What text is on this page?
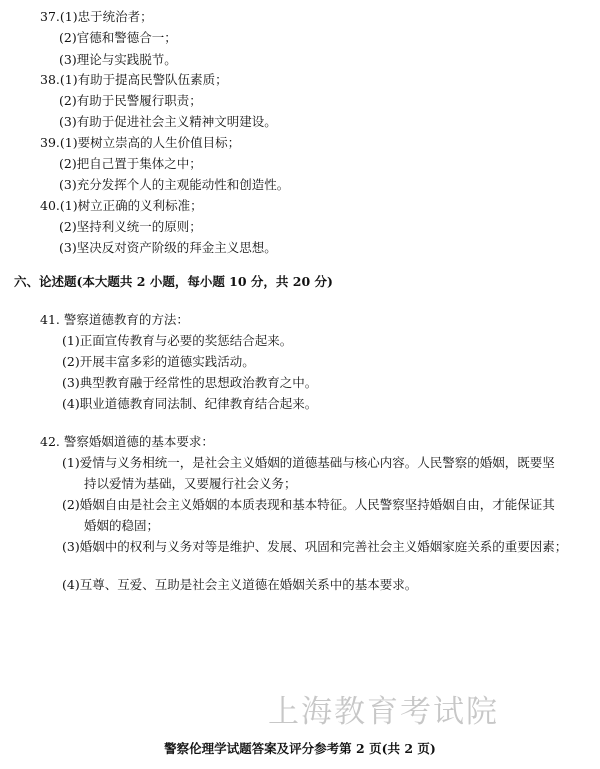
37.(1)忠于统治者；
(2)官德和警德合一；
(3)理论与实践脱节。
38.(1)有助于提高民警队伍素质；
(2)有助于民警履行职责；
(3)有助于促进社会主义精神文明建设。
39.(1)要树立崇高的人生价值目标；
(2)把自己置于集体之中；
(3)充分发挥个人的主观能动性和创造性。
40.(1)树立正确的义利标准；
(2)坚持利义统一的原则；
(3)坚决反对资产阶级的拜金主义思想。
六、论述题(本大题共 2 小题，每小题 10 分，共 20 分)
41. 警察道德教育的方法：
(1)正面宣传教育与必要的奖惩结合起来。
(2)开展丰富多彩的道德实践活动。
(3)典型教育融于经常性的思想政治教育之中。
(4)职业道德教育同法制、纪律教育结合起来。
42. 警察婚姻道德的基本要求：
(1)爱情与义务相统一，是社会主义婚姻的道德基础与核心内容。人民警察的婚姻，既要坚
持以爱情为基础，又要履行社会义务；
(2)婚姻自由是社会主义婚姻的本质表现和基本特征。人民警察坚持婚姻自由，才能保证其
婚姻的稳固；
(3)婚姻中的权利与义务对等是维护、发展、巩固和完善社会主义婚姻家庭关系的重要因素；
(4)互尊、互爱、互助是社会主义道德在婚姻关系中的基本要求。
上海教育考试院
警察伦理学试题答案及评分参考第 2 页(共 2 页)
